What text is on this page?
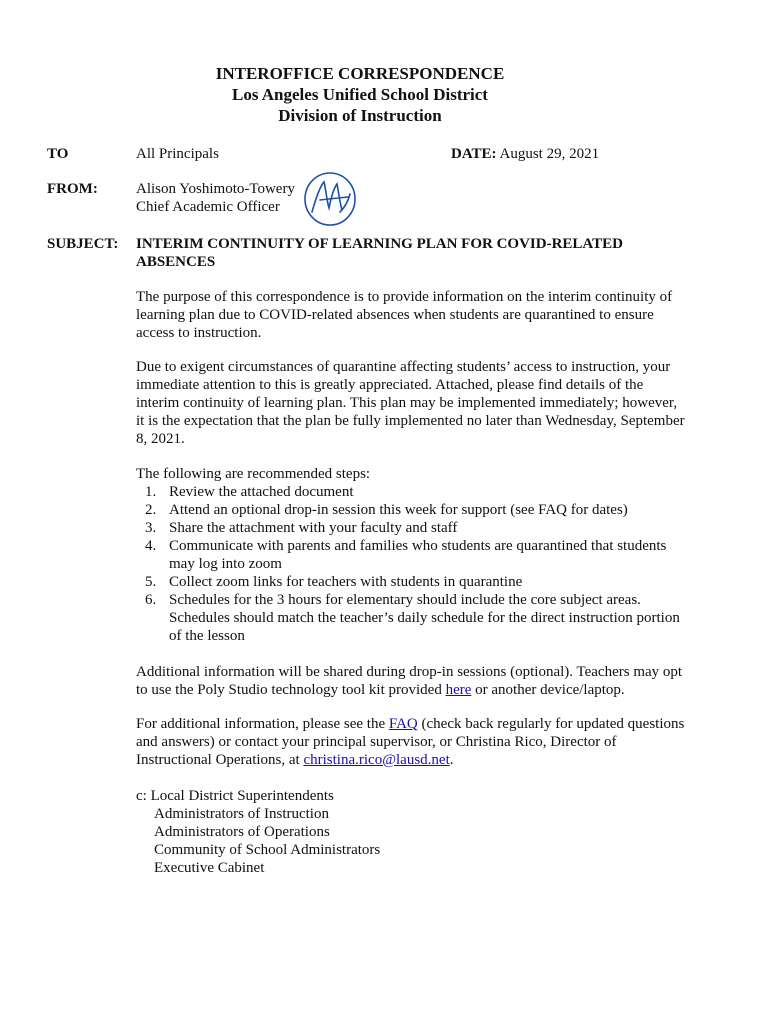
INTEROFFICE CORRESPONDENCE
Los Angeles Unified School District
Division of Instruction
TO	All Principals	DATE: August 29, 2021
FROM:	Alison Yoshimoto-Towery
Chief Academic Officer
SUBJECT: INTERIM CONTINUITY OF LEARNING PLAN FOR COVID-RELATED
ABSENCES
The purpose of this correspondence is to provide information on the interim continuity of learning plan due to COVID-related absences when students are quarantined to ensure access to instruction.
Due to exigent circumstances of quarantine affecting students’ access to instruction, your immediate attention to this is greatly appreciated. Attached, please find details of the interim continuity of learning plan. This plan may be implemented immediately; however, it is the expectation that the plan be fully implemented no later than Wednesday, September 8, 2021.
The following are recommended steps:
1. Review the attached document
2. Attend an optional drop-in session this week for support (see FAQ for dates)
3. Share the attachment with your faculty and staff
4. Communicate with parents and families who students are quarantined that students may log into zoom
5. Collect zoom links for teachers with students in quarantine
6. Schedules for the 3 hours for elementary should include the core subject areas. Schedules should match the teacher’s daily schedule for the direct instruction portion of the lesson
Additional information will be shared during drop-in sessions (optional). Teachers may opt to use the Poly Studio technology tool kit provided here or another device/laptop.
For additional information, please see the FAQ (check back regularly for updated questions and answers) or contact your principal supervisor, or Christina Rico, Director of Instructional Operations, at christina.rico@lausd.net.
c: Local District Superintendents
Administrators of Instruction
Administrators of Operations
Community of School Administrators
Executive Cabinet
